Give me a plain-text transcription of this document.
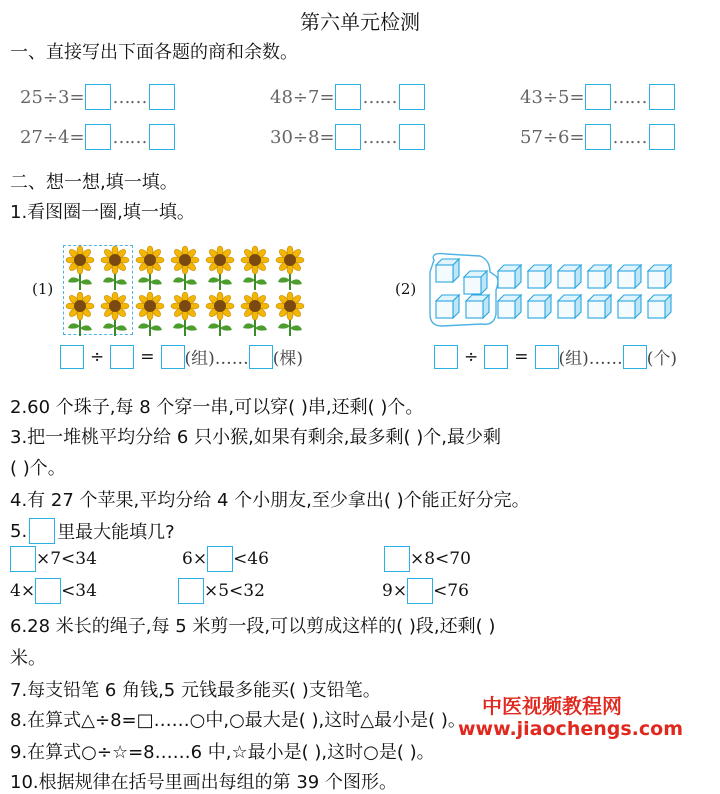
第六单元检测
一、直接写出下面各题的商和余数。
25÷3= ……	48÷7= ……	43÷5= ……
27÷4= ……	30÷8= ……	57÷6= ……
二、想一想,填一填。
1.看图圈一圈,填一填。
(1)
÷ = (组)…… (棵)
(2)
÷ = (组)…… (个)
2.60 个珠子,每 8 个穿一串,可以穿( )串,还剩( )个。
3.把一堆桃平均分给 6 只小猴,如果有剩余,最多剩( )个,最少剩
( )个。
4.有 27 个苹果,平均分给 4 个小朋友,至少拿出( )个能正好分完。
5. 里最大能填几?
×7<34	6× <46	×8<70
4× <34	×5<32	9× <76
6.28 米长的绳子,每 5 米剪一段,可以剪成这样的( )段,还剩( )
米。
7.每支铅笔 6 角钱,5 元钱最多能买( )支铅笔。
8.在算式△÷8=□……○中,○最大是( ),这时△最小是( )。
9.在算式○÷☆=8……6 中,☆最小是( ),这时○是( )。
10.根据规律在括号里画出每组的第 39 个图形。
中医视频教程网
www.jiaochengs.com
